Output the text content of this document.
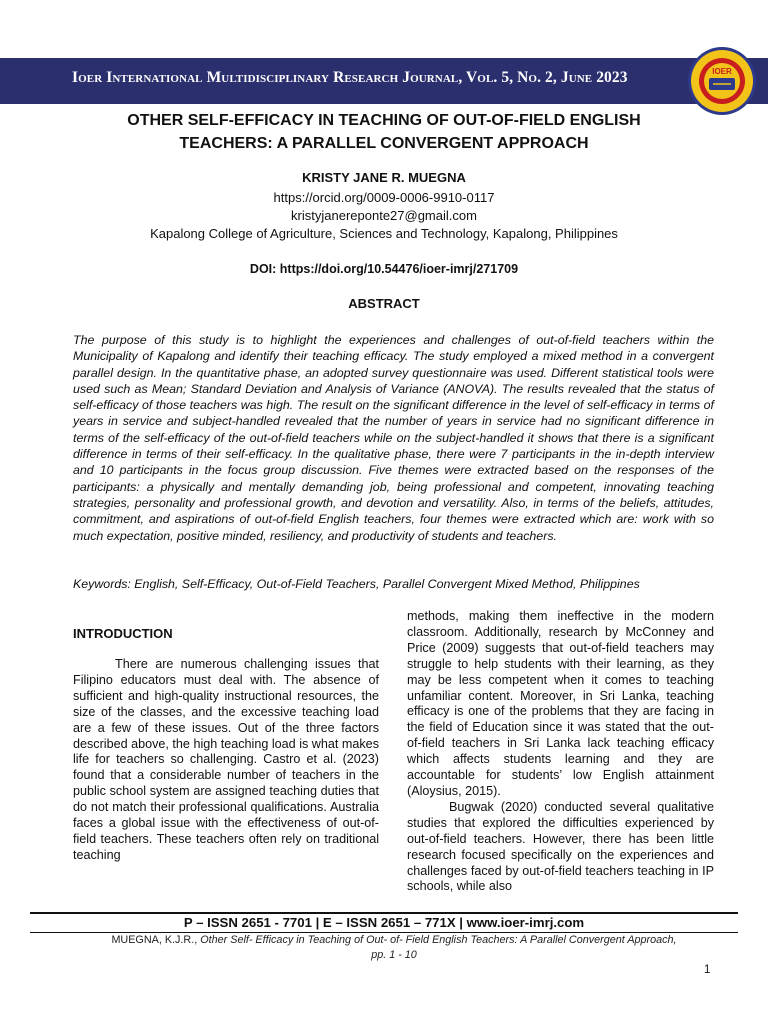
Ioer International Multidisciplinary Research Journal, Vol. 5, No. 2, June 2023	IOER
OTHER SELF-EFFICACY IN TEACHING OF OUT-OF-FIELD ENGLISH
TEACHERS: A PARALLEL CONVERGENT APPROACH
KRISTY JANE R. MUEGNA
https://orcid.org/0009-0006-9910-0117
kristyjanereponte27@gmail.com
Kapalong College of Agriculture, Sciences and Technology, Kapalong, Philippines
DOI: https://doi.org/10.54476/ioer-imrj/271709
ABSTRACT

The purpose of this study is to highlight the experiences and challenges of out-of-field teachers within the Municipality of Kapalong and identify their teaching efficacy. The study employed a mixed method in a convergent parallel design. In the quantitative phase, an adopted survey questionnaire was used. Different statistical tools were used such as Mean; Standard Deviation and Analysis of Variance (ANOVA). The results revealed that the status of self-efficacy of those teachers was high. The result on the significant difference in the level of self-efficacy in terms of years in service and subject-handled revealed that the number of years in service had no significant difference in terms of the self-efficacy of the out-of-field teachers while on the subject-handled it shows that there is a significant difference in terms of their self-efficacy. In the qualitative phase, there were 7 participants in the in-depth interview and 10 participants in the focus group discussion. Five themes were extracted based on the responses of the participants: a physically and mentally demanding job, being professional and competent, innovating teaching strategies, personality and professional growth, and devotion and versatility. Also, in terms of the beliefs, attitudes, commitment, and aspirations of out-of-field English teachers, four themes were extracted which are: work with so much expectation, positive minded, resiliency, and productivity of students and teachers.

Keywords: English, Self-Efficacy, Out-of-Field Teachers, Parallel Convergent Mixed Method, Philippines

INTRODUCTION

There are numerous challenging issues that Filipino educators must deal with. The absence of sufficient and high-quality instructional resources, the size of the classes, and the excessive teaching load are a few of these issues. Out of the three factors described above, the high teaching load is what makes life for teachers so challenging. Castro et al. (2023) found that a considerable number of teachers in the public school system are assigned teaching duties that do not match their professional qualifications. Australia faces a global issue with the effectiveness of out-of-field teachers. These teachers often rely on traditional teaching

methods, making them ineffective in the modern classroom. Additionally, research by McConney and Price (2009) suggests that out-of-field teachers may struggle to help students with their learning, as they may be less competent when it comes to teaching unfamiliar content. Moreover, in Sri Lanka, teaching efficacy is one of the problems that they are facing in the field of Education since it was stated that the out-of-field teachers in Sri Lanka lack teaching efficacy which affects students learning and they are accountable for students’ low English attainment (Aloysius, 2015).

Bugwak (2020) conducted several qualitative studies that explored the difficulties experienced by out-of-field teachers. However, there has been little research focused specifically on the experiences and challenges faced by out-of-field teachers teaching in IP schools, while also

P – ISSN 2651 - 7701 | E – ISSN 2651 – 771X | www.ioer-imrj.com
MUEGNA, K.J.R., Other Self- Efficacy in Teaching of Out- of- Field English Teachers: A Parallel Convergent Approach,
pp. 1 - 10
1
